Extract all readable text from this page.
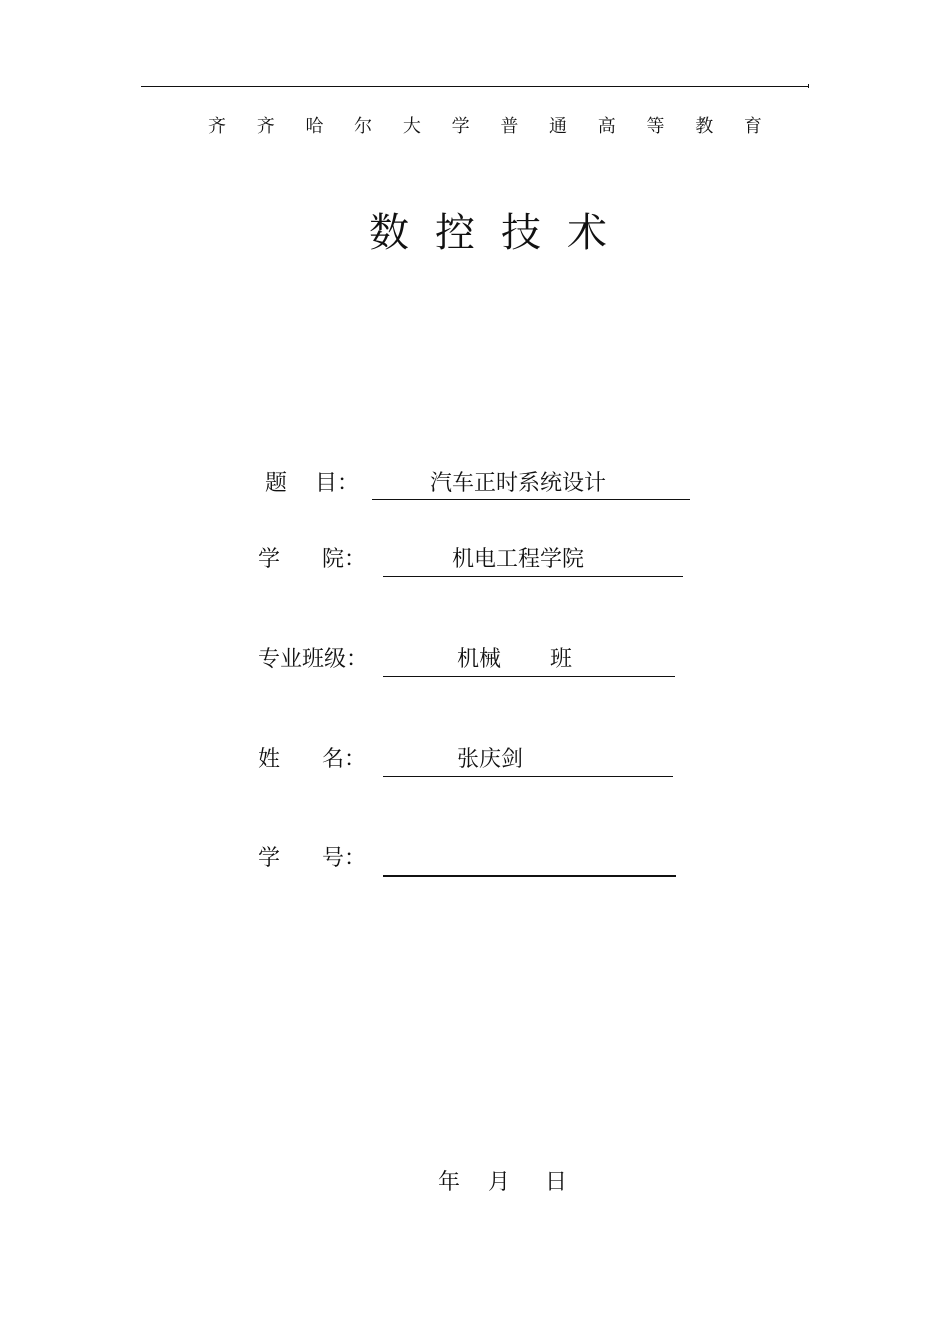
齐 齐 哈 尔 大 学 普 通 高 等 教 育
数 控 技 术
题    目：	汽车正时系统设计
学      院：	机电工程学院
专业班级：	机械       班
姓      名：	张庆剑
学      号：
年    月     日
